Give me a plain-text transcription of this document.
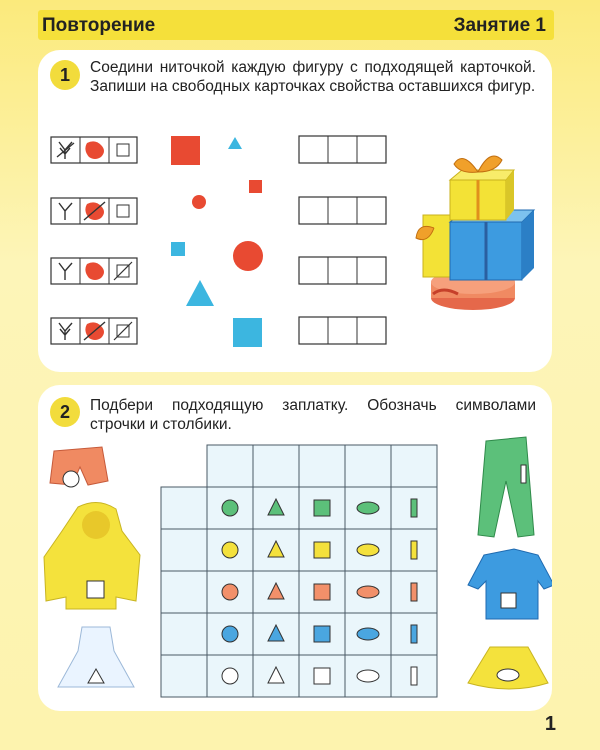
Повторение	Занятие 1
1	Соедини ниточкой каждую фигуру с подходящей карточкой. Запиши на свободных карточках свойства оставшихся фигур.
2	Подбери подходящую заплатку. Обозначь символами строчки и столбики.
1
